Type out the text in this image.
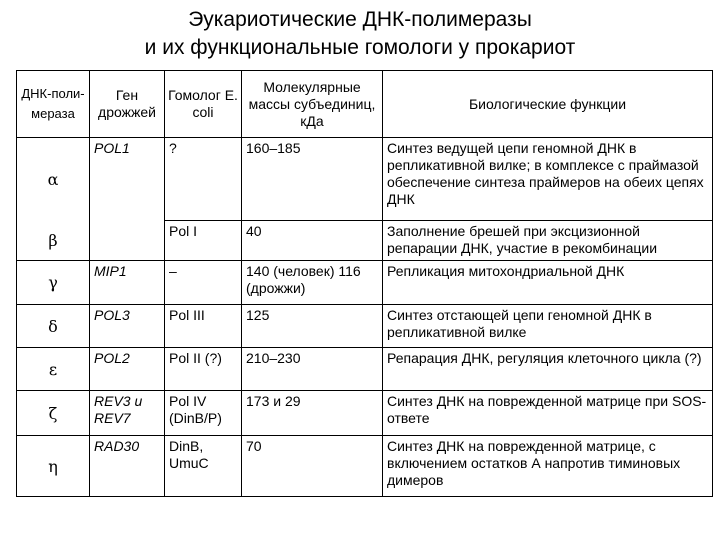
Эукариотические ДНК-полимеразы
и их функциональные гомологи у прокариот
ДНК-поли-мераза	Ген дрожжей	Гомолог E. coli	Молекулярные массы субъединиц, кДа	Биологические функции
α	POL1	?	160–185	Синтез ведущей цепи геномной ДНК в репликативной вилке; в комплексе с праймазой обеспечение синтеза праймеров на обеих цепях ДНК
β		Pol I	40	Заполнение брешей при эксцизионной репарации ДНК, участие в рекомбинации
γ	MIP1	–	140 (человек) 116 (дрожжи)	Репликация митохондриальной ДНК
δ	POL3	Pol III	125	Синтез отстающей цепи геномной ДНК в репликативной вилке
ε	POL2	Pol II (?)	210–230	Репарация ДНК, регуляция клеточного цикла (?)
ζ	REV3 и REV7	Pol IV (DinB/P)	173 и 29	Синтез ДНК на поврежденной матрице при SOS-ответе
η	RAD30	DinB, UmuC	70	Синтез ДНК на поврежденной матрице, с включением остатков А напротив тиминовых димеров
